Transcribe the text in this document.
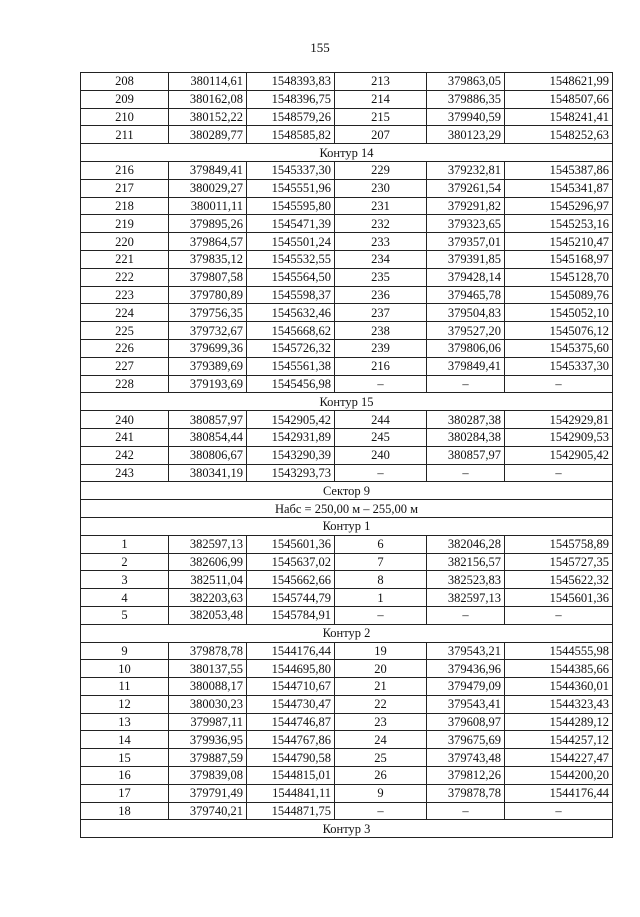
155
208	380114,61	1548393,83	213	379863,05	1548621,99
209	380162,08	1548396,75	214	379886,35	1548507,66
210	380152,22	1548579,26	215	379940,59	1548241,41
211	380289,77	1548585,82	207	380123,29	1548252,63
Контур 14					
216	379849,41	1545337,30	229	379232,81	1545387,86
217	380029,27	1545551,96	230	379261,54	1545341,87
218	380011,11	1545595,80	231	379291,82	1545296,97
219	379895,26	1545471,39	232	379323,65	1545253,16
220	379864,57	1545501,24	233	379357,01	1545210,47
221	379835,12	1545532,55	234	379391,85	1545168,97
222	379807,58	1545564,50	235	379428,14	1545128,70
223	379780,89	1545598,37	236	379465,78	1545089,76
224	379756,35	1545632,46	237	379504,83	1545052,10
225	379732,67	1545668,62	238	379527,20	1545076,12
226	379699,36	1545726,32	239	379806,06	1545375,60
227	379389,69	1545561,38	216	379849,41	1545337,30
228	379193,69	1545456,98	–	–	–
Контур 15					
240	380857,97	1542905,42	244	380287,38	1542929,81
241	380854,44	1542931,89	245	380284,38	1542909,53
242	380806,67	1543290,39	240	380857,97	1542905,42
243	380341,19	1543293,73	–	–	–
Сектор 9					
Набс = 250,00 м – 255,00 м					
Контур 1					
1	382597,13	1545601,36	6	382046,28	1545758,89
2	382606,99	1545637,02	7	382156,57	1545727,35
3	382511,04	1545662,66	8	382523,83	1545622,32
4	382203,63	1545744,79	1	382597,13	1545601,36
5	382053,48	1545784,91	–	–	–
Контур 2					
9	379878,78	1544176,44	19	379543,21	1544555,98
10	380137,55	1544695,80	20	379436,96	1544385,66
11	380088,17	1544710,67	21	379479,09	1544360,01
12	380030,23	1544730,47	22	379543,41	1544323,43
13	379987,11	1544746,87	23	379608,97	1544289,12
14	379936,95	1544767,86	24	379675,69	1544257,12
15	379887,59	1544790,58	25	379743,48	1544227,47
16	379839,08	1544815,01	26	379812,26	1544200,20
17	379791,49	1544841,11	9	379878,78	1544176,44
18	379740,21	1544871,75	–	–	–
Контур 3					
